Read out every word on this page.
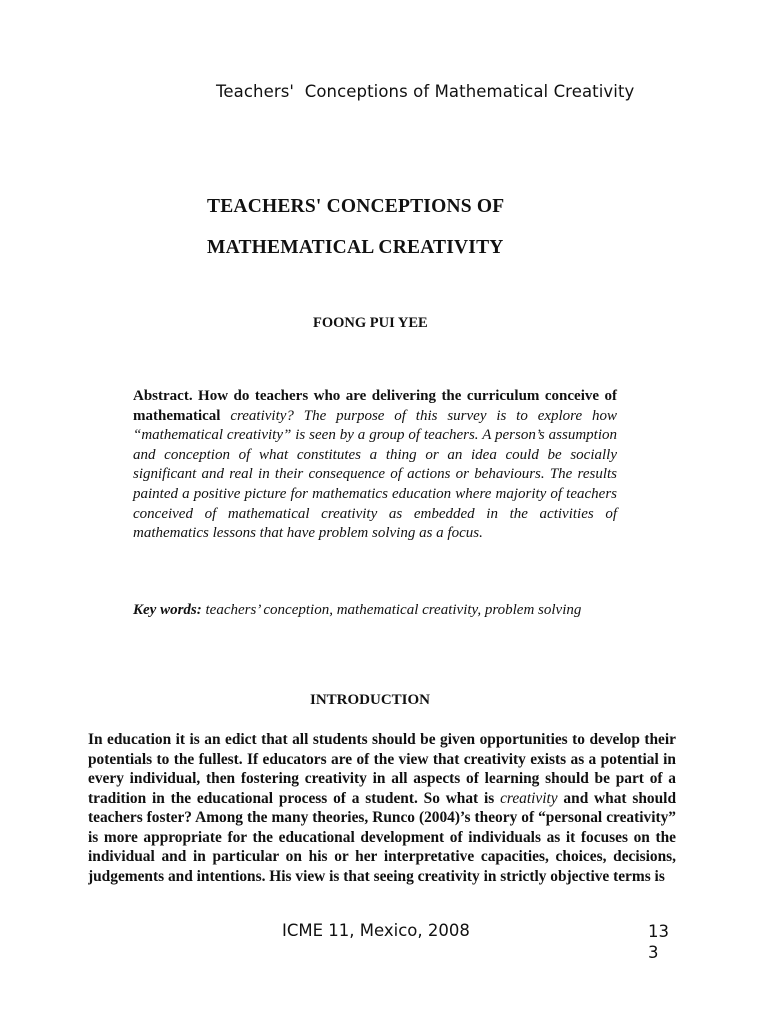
Teachers'  Conceptions of Mathematical Creativity
TEACHERS' CONCEPTIONS OF
MATHEMATICAL CREATIVITY
FOONG PUI YEE
Abstract. How do teachers who are delivering the curriculum conceive of mathematical creativity? The purpose of this survey is to explore how “mathematical creativity” is seen by a group of teachers. A person’s assumption and conception of what constitutes a thing or an idea could be socially significant and real in their consequence of actions or behaviours. The results painted a positive picture for mathematics education where majority of teachers conceived of mathematical creativity as embedded in the activities of mathematics lessons that have problem solving as a focus.
Key words: teachers’ conception, mathematical creativity, problem solving
INTRODUCTION
In education it is an edict that all students should be given opportunities to develop their potentials to the fullest. If educators are of the view that creativity exists as a potential in every individual, then fostering creativity in all aspects of learning should be part of a tradition in the educational process of a student. So what is creativity and what should teachers foster? Among the many theories, Runco (2004)’s theory of “personal creativity” is more appropriate for the educational development of individuals as it focuses on the individual and in particular on his or her interpretative capacities, choices, decisions, judgements and intentions. His view is that seeing creativity in strictly objective terms is
ICME 11, Mexico, 2008	133
